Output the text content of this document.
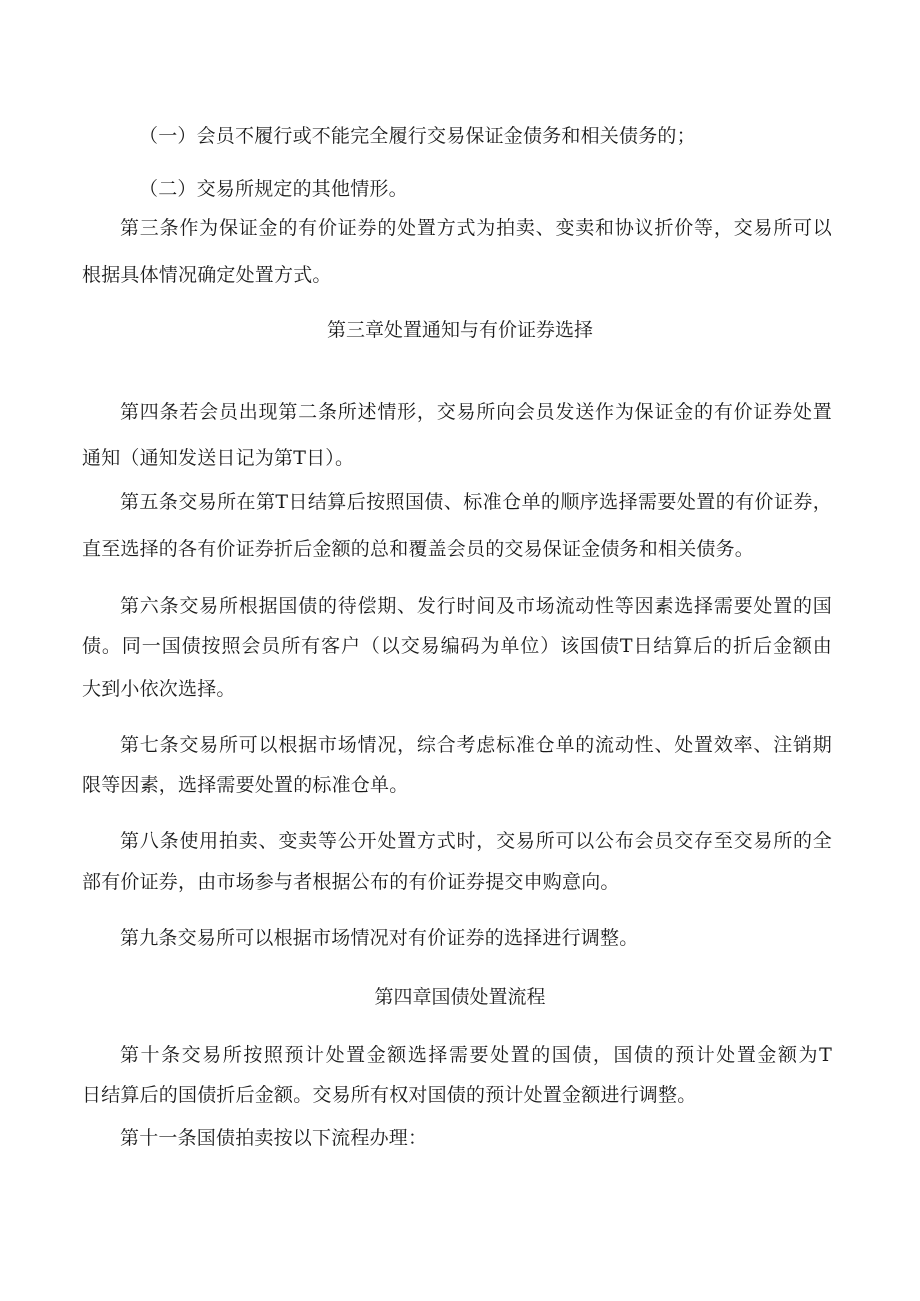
（一）会员不履行或不能完全履行交易保证金债务和相关债务的；
（二）交易所规定的其他情形。
第三条作为保证金的有价证券的处置方式为拍卖、变卖和协议折价等，交易所可以
根据具体情况确定处置方式。
第三章处置通知与有价证券选择
第四条若会员出现第二条所述情形，交易所向会员发送作为保证金的有价证券处置
通知（通知发送日记为第T日）。
第五条交易所在第T日结算后按照国债、标准仓单的顺序选择需要处置的有价证券，
直至选择的各有价证券折后金额的总和覆盖会员的交易保证金债务和相关债务。
第六条交易所根据国债的待偿期、发行时间及市场流动性等因素选择需要处置的国
债。同一国债按照会员所有客户（以交易编码为单位）该国债T日结算后的折后金额由
大到小依次选择。
第七条交易所可以根据市场情况，综合考虑标准仓单的流动性、处置效率、注销期
限等因素，选择需要处置的标准仓单。
第八条使用拍卖、变卖等公开处置方式时，交易所可以公布会员交存至交易所的全
部有价证券，由市场参与者根据公布的有价证券提交申购意向。
第九条交易所可以根据市场情况对有价证券的选择进行调整。
第四章国债处置流程
第十条交易所按照预计处置金额选择需要处置的国债，国债的预计处置金额为T
日结算后的国债折后金额。交易所有权对国债的预计处置金额进行调整。
第十一条国债拍卖按以下流程办理：
